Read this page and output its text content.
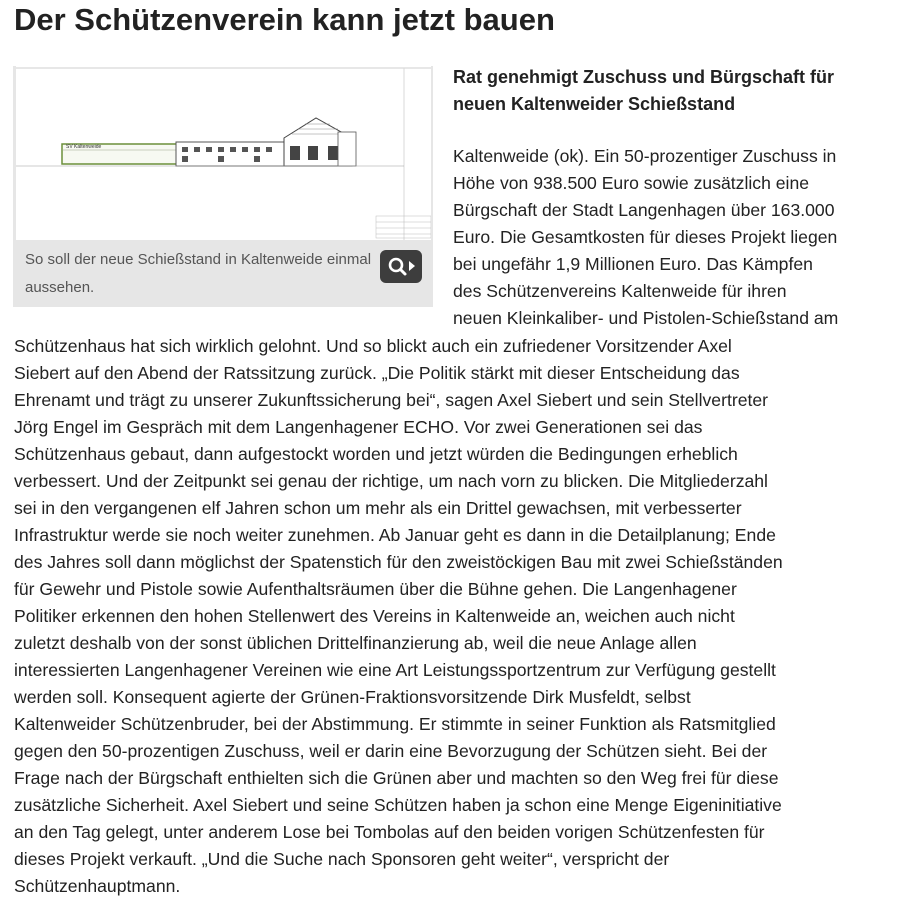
Der Schützenverein kann jetzt bauen
SV Kaltenweide
So soll der neue Schießstand in Kaltenweide einmal
aussehen.
Rat genehmigt Zuschuss und Bürgschaft für
neuen Kaltenweider Schießstand
Kaltenweide (ok). Ein 50-prozentiger Zuschuss in
Höhe von 938.500 Euro sowie zusätzlich eine
Bürgschaft der Stadt Langenhagen über 163.000
Euro. Die Gesamtkosten für dieses Projekt liegen
bei ungefähr 1,9 Millionen Euro. Das Kämpfen
des Schützenvereins Kaltenweide für ihren
neuen Kleinkaliber- und Pistolen-Schießstand am
Schützenhaus hat sich wirklich gelohnt. Und so blickt auch ein zufriedener Vorsitzender Axel
Siebert auf den Abend der Ratssitzung zurück. „Die Politik stärkt mit dieser Entscheidung das
Ehrenamt und trägt zu unserer Zukunftssicherung bei“, sagen Axel Siebert und sein Stellvertreter
Jörg Engel im Gespräch mit dem Langenhagener ECHO. Vor zwei Generationen sei das
Schützenhaus gebaut, dann aufgestockt worden und jetzt würden die Bedingungen erheblich
verbessert. Und der Zeitpunkt sei genau der richtige, um nach vorn zu blicken. Die Mitgliederzahl
sei in den vergangenen elf Jahren schon um mehr als ein Drittel gewachsen, mit verbesserter
Infrastruktur werde sie noch weiter zunehmen. Ab Januar geht es dann in die Detailplanung; Ende
des Jahres soll dann möglichst der Spatenstich für den zweistöckigen Bau mit zwei Schießständen
für Gewehr und Pistole sowie Aufenthaltsräumen über die Bühne gehen. Die Langenhagener
Politiker erkennen den hohen Stellenwert des Vereins in Kaltenweide an, weichen auch nicht
zuletzt deshalb von der sonst üblichen Drittelfinanzierung ab, weil die neue Anlage allen
interessierten Langenhagener Vereinen wie eine Art Leistungssportzentrum zur Verfügung gestellt
werden soll. Konsequent agierte der Grünen-Fraktionsvorsitzende Dirk Musfeldt, selbst
Kaltenweider Schützenbruder, bei der Abstimmung. Er stimmte in seiner Funktion als Ratsmitglied
gegen den 50-prozentigen Zuschuss, weil er darin eine Bevorzugung der Schützen sieht. Bei der
Frage nach der Bürgschaft enthielten sich die Grünen aber und machten so den Weg frei für diese
zusätzliche Sicherheit. Axel Siebert und seine Schützen haben ja schon eine Menge Eigeninitiative
an den Tag gelegt, unter anderem Lose bei Tombolas auf den beiden vorigen Schützenfesten für
dieses Projekt verkauft. „Und die Suche nach Sponsoren geht weiter“, verspricht der
Schützenhauptmann.
